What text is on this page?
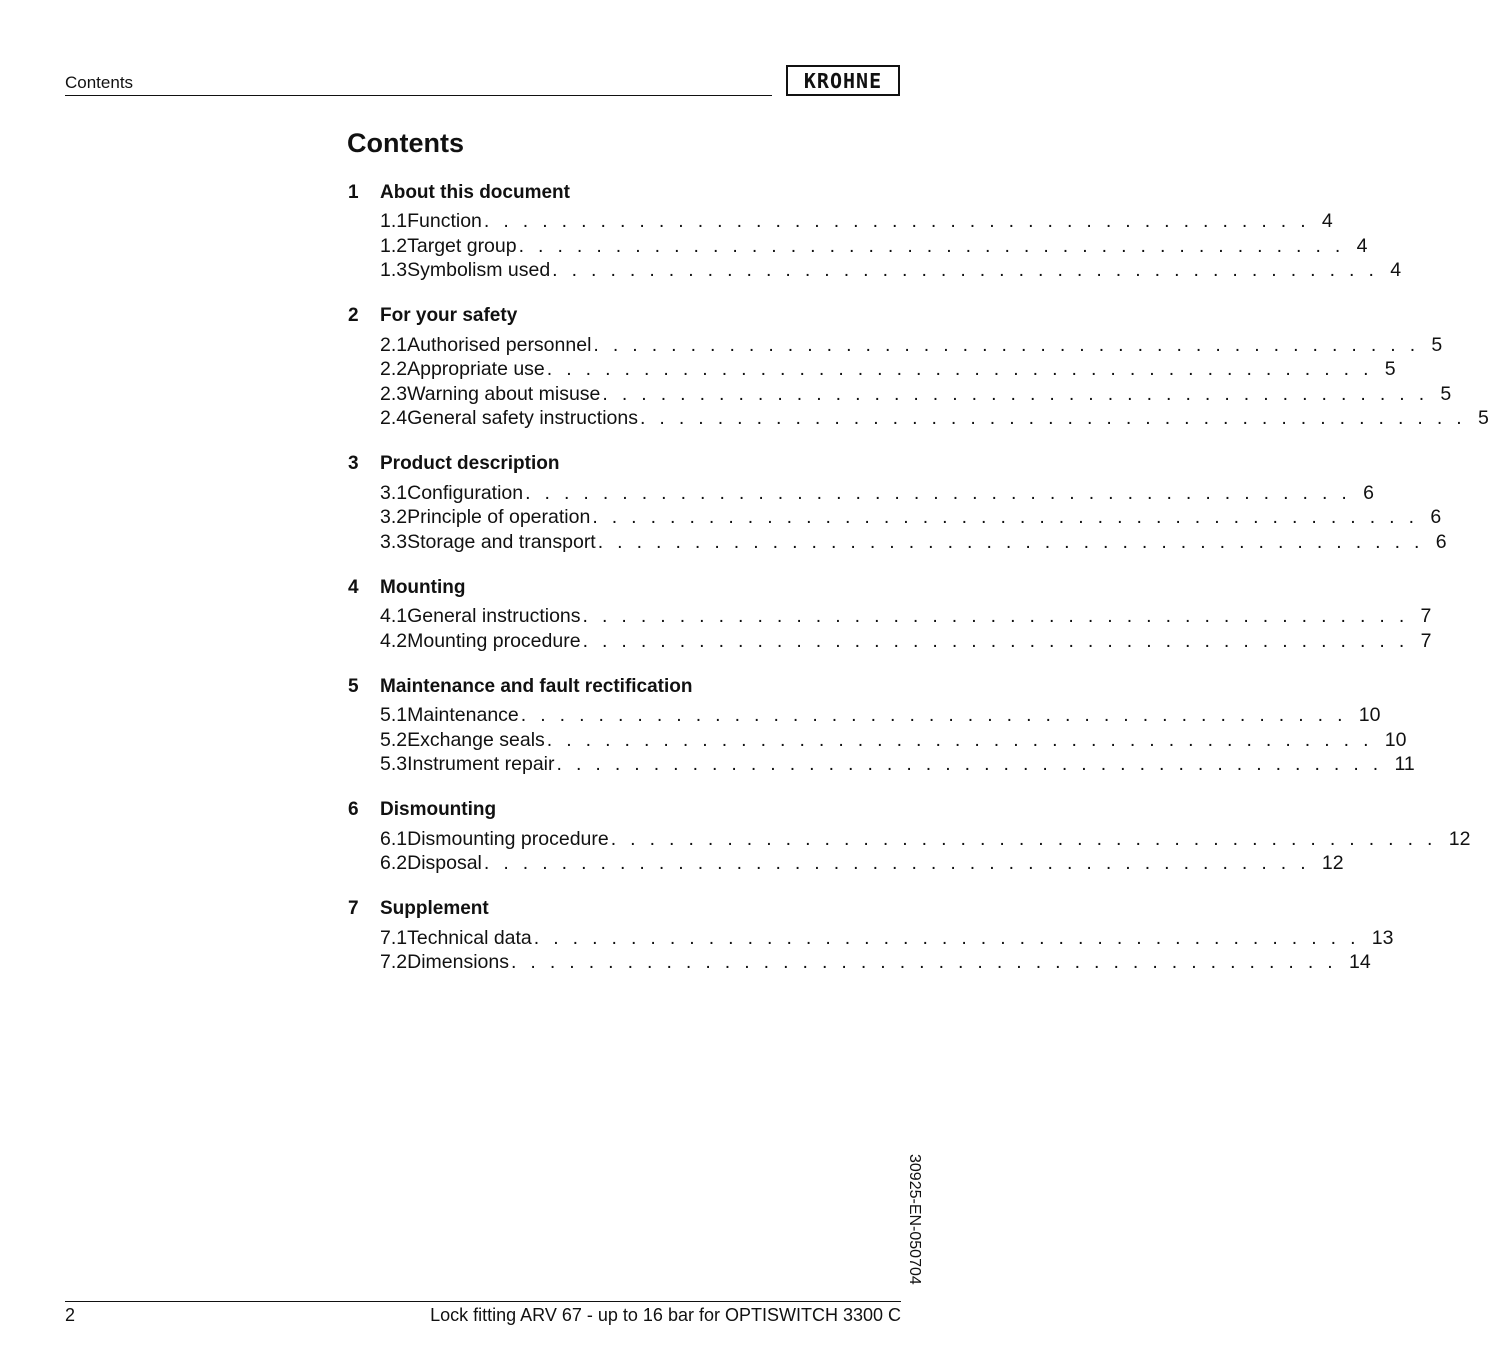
Contents	KROHNE
Contents
1	About this document
1.1 Function . . . . . . . . . . . . . . . . . . . . . . . . . . . . . . . . . . . . . . . . . . . 4
1.2 Target group . . . . . . . . . . . . . . . . . . . . . . . . . . . . . . . . . . . . . . . . . . . 4
1.3 Symbolism used . . . . . . . . . . . . . . . . . . . . . . . . . . . . . . . . . . . . . . . . . . . 4
2	For your safety
2.1 Authorised personnel . . . . . . . . . . . . . . . . . . . . . . . . . . . . . . . . . . . . . . . . . . . 5
2.2 Appropriate use . . . . . . . . . . . . . . . . . . . . . . . . . . . . . . . . . . . . . . . . . . . 5
2.3 Warning about misuse . . . . . . . . . . . . . . . . . . . . . . . . . . . . . . . . . . . . . . . . . . . 5
2.4 General safety instructions . . . . . . . . . . . . . . . . . . . . . . . . . . . . . . . . . . . . . . . . . . . 5
3	Product description
3.1 Configuration . . . . . . . . . . . . . . . . . . . . . . . . . . . . . . . . . . . . . . . . . . . 6
3.2 Principle of operation . . . . . . . . . . . . . . . . . . . . . . . . . . . . . . . . . . . . . . . . . . . 6
3.3 Storage and transport . . . . . . . . . . . . . . . . . . . . . . . . . . . . . . . . . . . . . . . . . . . 6
4	Mounting
4.1 General instructions . . . . . . . . . . . . . . . . . . . . . . . . . . . . . . . . . . . . . . . . . . . 7
4.2 Mounting procedure . . . . . . . . . . . . . . . . . . . . . . . . . . . . . . . . . . . . . . . . . . . 7
5	Maintenance and fault rectification
5.1 Maintenance . . . . . . . . . . . . . . . . . . . . . . . . . . . . . . . . . . . . . . . . . . . 10
5.2 Exchange seals . . . . . . . . . . . . . . . . . . . . . . . . . . . . . . . . . . . . . . . . . . . 10
5.3 Instrument repair . . . . . . . . . . . . . . . . . . . . . . . . . . . . . . . . . . . . . . . . . . . 11
6	Dismounting
6.1 Dismounting procedure . . . . . . . . . . . . . . . . . . . . . . . . . . . . . . . . . . . . . . . . . . . 12
6.2 Disposal . . . . . . . . . . . . . . . . . . . . . . . . . . . . . . . . . . . . . . . . . . . 12
7	Supplement
7.1 Technical data . . . . . . . . . . . . . . . . . . . . . . . . . . . . . . . . . . . . . . . . . . . 13
7.2 Dimensions . . . . . . . . . . . . . . . . . . . . . . . . . . . . . . . . . . . . . . . . . . . 14
30925-EN-050704
2	Lock fitting ARV 67 - up to 16 bar for OPTISWITCH 3300 C
